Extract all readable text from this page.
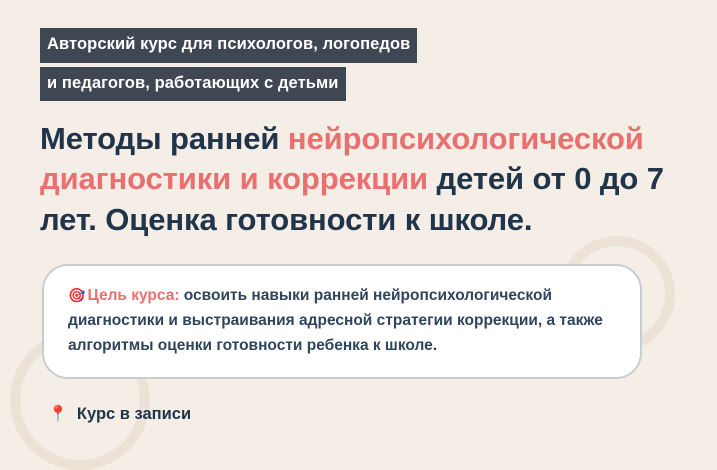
Авторский курс для психологов, логопедов
и педагогов, работающих с детьми
Методы ранней нейропсихологической диагностики и коррекции детей от 0 до 7 лет. Оценка готовности к школе.

🎯 Цель курса: освоить навыки ранней нейропсихологической диагностики и выстраивания адресной стратегии коррекции, а также алгоритмы оценки готовности ребенка к школе.

📍 Курс в записи
